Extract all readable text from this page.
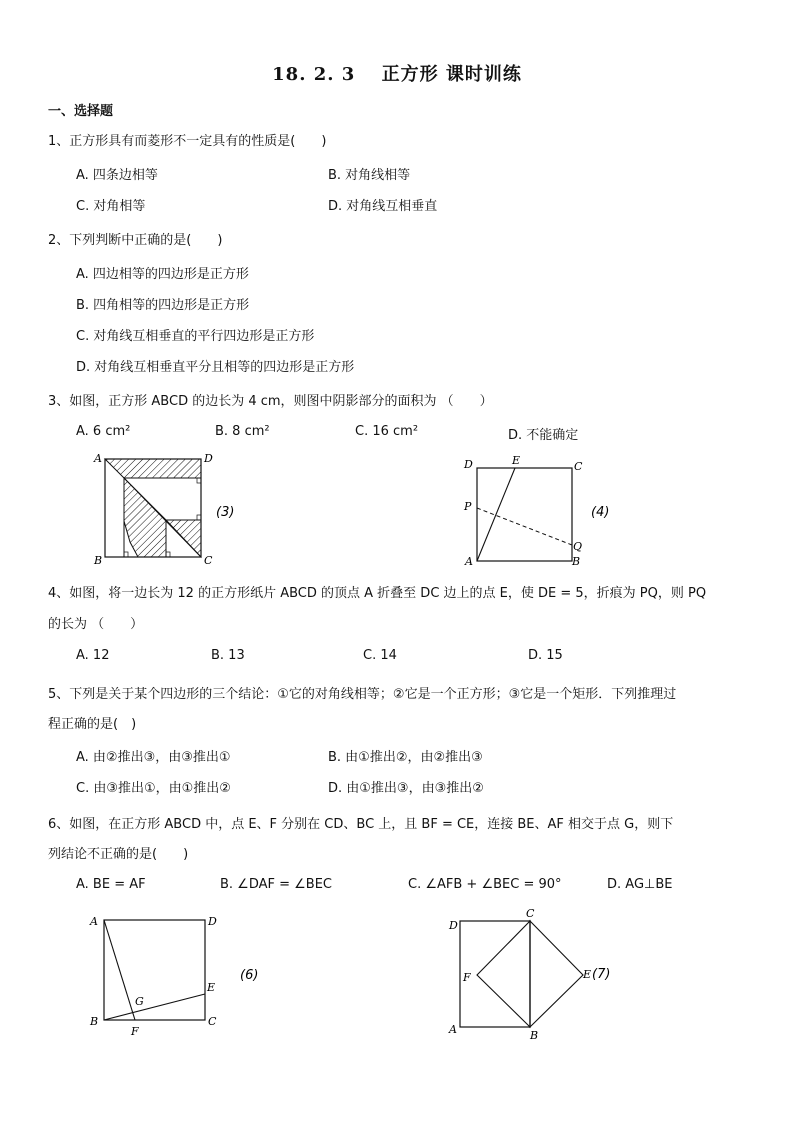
18. 2. 3　 正方形 课时训练
一、选择题
1、正方形具有而菱形不一定具有的性质是(　　)
A. 四条边相等	B. 对角线相等
C. 对角相等	D. 对角线互相垂直
2、下列判断中正确的是(　　)
A. 四边相等的四边形是正方形
B. 四角相等的四边形是正方形
C. 对角线互相垂直的平行四边形是正方形
D. 对角线互相垂直平分且相等的四边形是正方形
3、如图，正方形 ABCD 的边长为 4 cm，则图中阴影部分的面积为 （　　）
A. 6 cm²	B. 8 cm²	C. 16 cm²	D. 不能确定
A	D
B	C
(3)
D	E	C
P
Q
A	B
(4)
4、如图，将一边长为 12 的正方形纸片 ABCD 的顶点 A 折叠至 DC 边上的点 E，使 DE = 5，折痕为 PQ，则 PQ
的长为 （　　）
A. 12	B. 13	C. 14	D. 15
5、下列是关于某个四边形的三个结论：①它的对角线相等；②它是一个正方形；③它是一个矩形．下列推理过
程正确的是(　)
A. 由②推出③，由③推出①	B. 由①推出②，由②推出③
C. 由③推出①，由①推出②	D. 由①推出③，由③推出②
6、如图，在正方形 ABCD 中，点 E、F 分别在 CD、BC 上，且 BF = CE，连接 BE、AF 相交于点 G，则下
列结论不正确的是(　　)
A. BE = AF	B. ∠DAF = ∠BEC	C. ∠AFB + ∠BEC = 90°	D. AG⊥BE
A	D
B	C
E
F
G
(6)
D
C
F	E
A	B
(7)
